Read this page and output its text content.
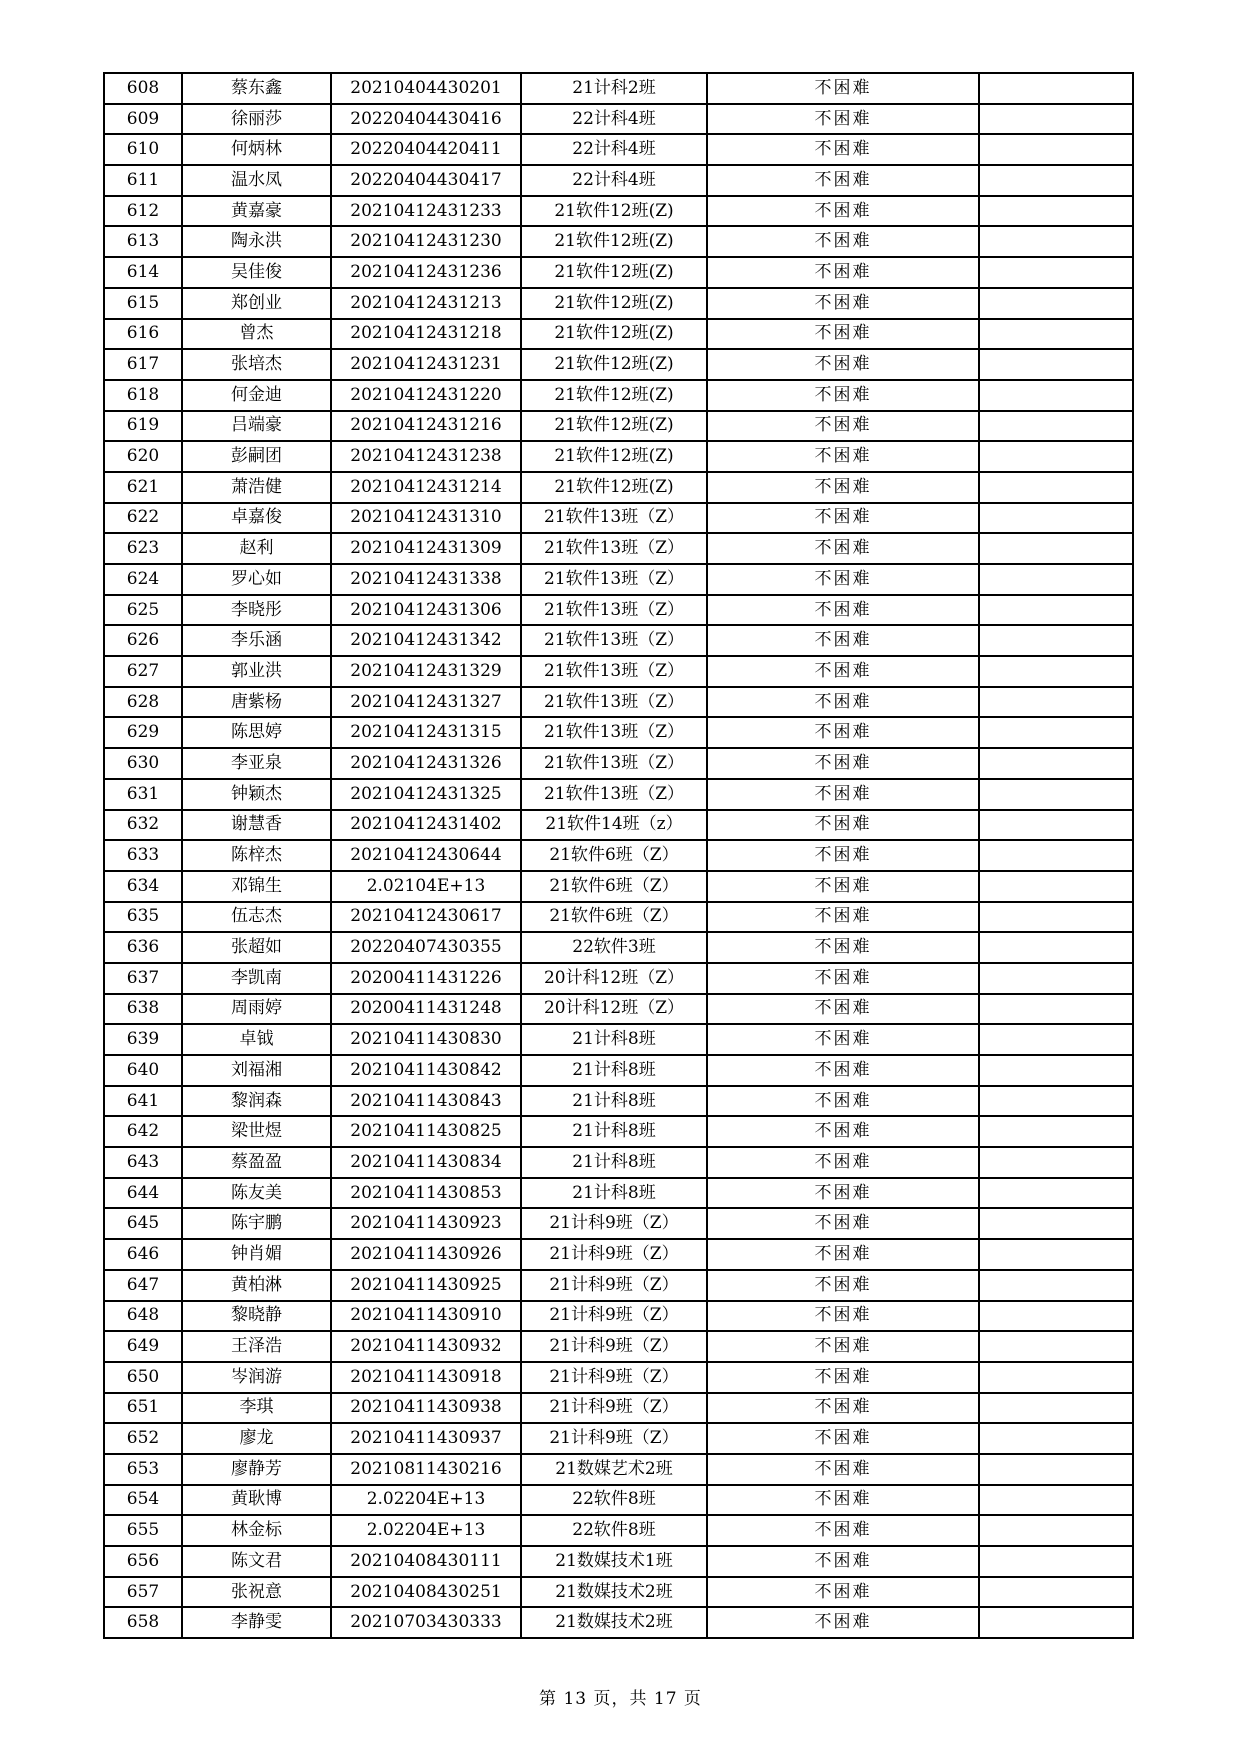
608	蔡东鑫	20210404430201	21计科2班	不困难	
609	徐丽莎	20220404430416	22计科4班	不困难	
610	何炳林	20220404420411	22计科4班	不困难	
611	温水凤	20220404430417	22计科4班	不困难	
612	黄嘉豪	20210412431233	21软件12班(Z)	不困难	
613	陶永洪	20210412431230	21软件12班(Z)	不困难	
614	吴佳俊	20210412431236	21软件12班(Z)	不困难	
615	郑创业	20210412431213	21软件12班(Z)	不困难	
616	曾杰	20210412431218	21软件12班(Z)	不困难	
617	张培杰	20210412431231	21软件12班(Z)	不困难	
618	何金迪	20210412431220	21软件12班(Z)	不困难	
619	吕端豪	20210412431216	21软件12班(Z)	不困难	
620	彭嗣团	20210412431238	21软件12班(Z)	不困难	
621	萧浩健	20210412431214	21软件12班(Z)	不困难	
622	卓嘉俊	20210412431310	21软件13班（Z）	不困难	
623	赵利	20210412431309	21软件13班（Z）	不困难	
624	罗心如	20210412431338	21软件13班（Z）	不困难	
625	李晓彤	20210412431306	21软件13班（Z）	不困难	
626	李乐涵	20210412431342	21软件13班（Z）	不困难	
627	郭业洪	20210412431329	21软件13班（Z）	不困难	
628	唐紫杨	20210412431327	21软件13班（Z）	不困难	
629	陈思婷	20210412431315	21软件13班（Z）	不困难	
630	李亚泉	20210412431326	21软件13班（Z）	不困难	
631	钟颖杰	20210412431325	21软件13班（Z）	不困难	
632	谢慧香	20210412431402	21软件14班（z）	不困难	
633	陈梓杰	20210412430644	21软件6班（Z）	不困难	
634	邓锦生	2.02104E+13	21软件6班（Z）	不困难	
635	伍志杰	20210412430617	21软件6班（Z）	不困难	
636	张超如	20220407430355	22软件3班	不困难	
637	李凯南	20200411431226	20计科12班（Z）	不困难	
638	周雨婷	20200411431248	20计科12班（Z）	不困难	
639	卓钺	20210411430830	21计科8班	不困难	
640	刘福湘	20210411430842	21计科8班	不困难	
641	黎润森	20210411430843	21计科8班	不困难	
642	梁世煜	20210411430825	21计科8班	不困难	
643	蔡盈盈	20210411430834	21计科8班	不困难	
644	陈友美	20210411430853	21计科8班	不困难	
645	陈宇鹏	20210411430923	21计科9班（Z）	不困难	
646	钟肖媚	20210411430926	21计科9班（Z）	不困难	
647	黄柏淋	20210411430925	21计科9班（Z）	不困难	
648	黎晓静	20210411430910	21计科9班（Z）	不困难	
649	王泽浩	20210411430932	21计科9班（Z）	不困难	
650	岑润游	20210411430918	21计科9班（Z）	不困难	
651	李琪	20210411430938	21计科9班（Z）	不困难	
652	廖龙	20210411430937	21计科9班（Z）	不困难	
653	廖静芳	20210811430216	21数媒艺术2班	不困难	
654	黄耿博	2.02204E+13	22软件8班	不困难	
655	林金标	2.02204E+13	22软件8班	不困难	
656	陈文君	20210408430111	21数媒技术1班	不困难	
657	张祝意	20210408430251	21数媒技术2班	不困难	
658	李静雯	20210703430333	21数媒技术2班	不困难	
第 13 页，共 17 页
